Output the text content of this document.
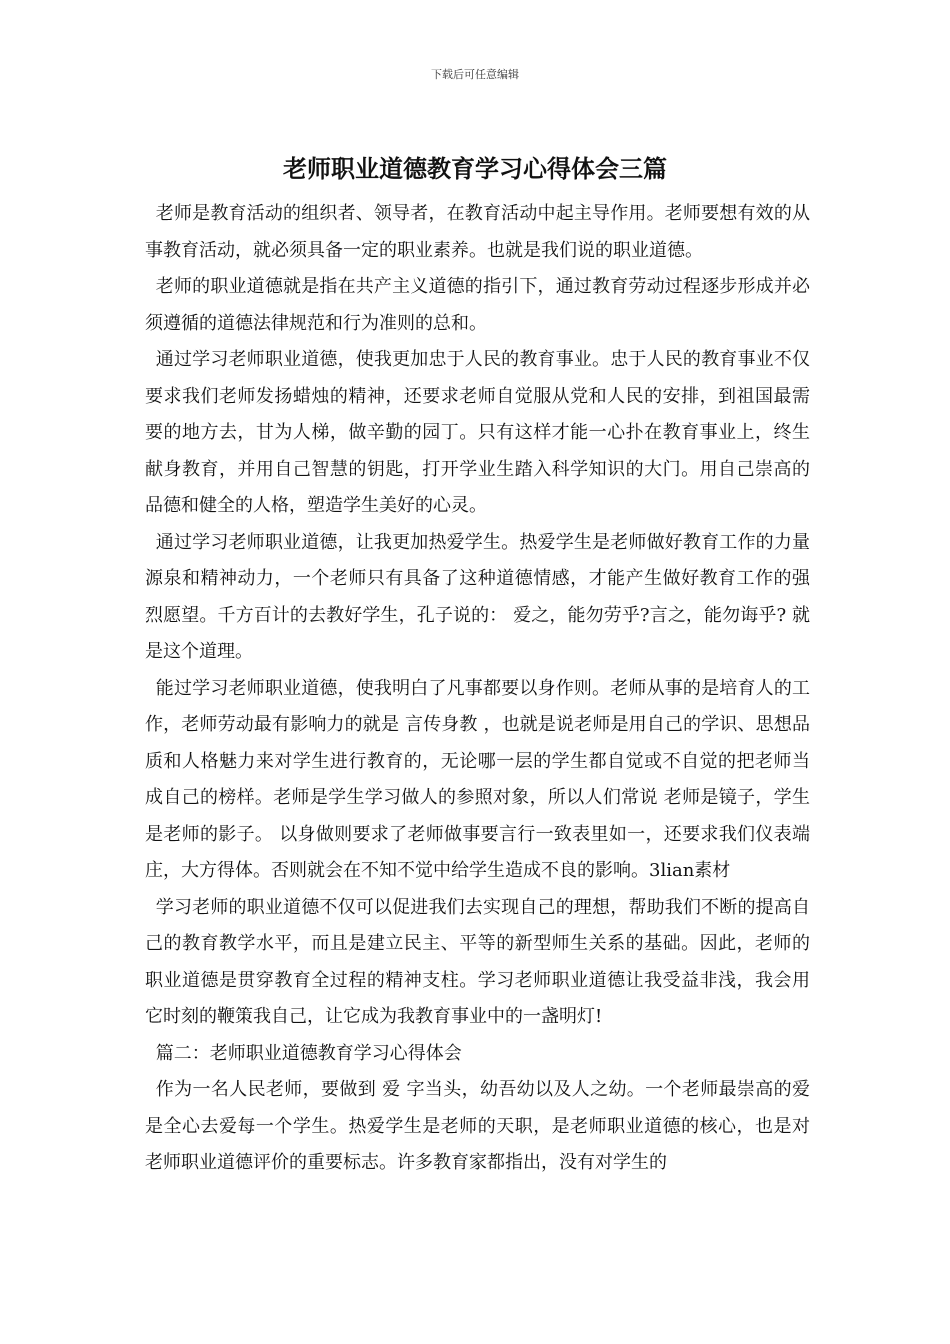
下载后可任意编辑
老师职业道德教育学习心得体会三篇

老师是教育活动的组织者、领导者，在教育活动中起主导作用。老师要想有效的从事教育活动，就必须具备一定的职业素养。也就是我们说的职业道德。

老师的职业道德就是指在共产主义道德的指引下，通过教育劳动过程逐步形成并必须遵循的道德法律规范和行为准则的总和。

通过学习老师职业道德，使我更加忠于人民的教育事业。忠于人民的教育事业不仅要求我们老师发扬蜡烛的精神，还要求老师自觉服从党和人民的安排，到祖国最需要的地方去，甘为人梯，做辛勤的园丁。只有这样才能一心扑在教育事业上，终生献身教育，并用自己智慧的钥匙，打开学业生踏入科学知识的大门。用自己崇高的品德和健全的人格，塑造学生美好的心灵。

通过学习老师职业道德，让我更加热爱学生。热爱学生是老师做好教育工作的力量源泉和精神动力，一个老师只有具备了这种道德情感，才能产生做好教育工作的强烈愿望。千方百计的去教好学生，孔子说的： 爱之，能勿劳乎?言之，能勿诲乎? 就是这个道理。

能过学习老师职业道德，使我明白了凡事都要以身作则。老师从事的是培育人的工作，老师劳动最有影响力的就是 言传身教 ，也就是说老师是用自己的学识、思想品质和人格魅力来对学生进行教育的，无论哪一层的学生都自觉或不自觉的把老师当成自己的榜样。老师是学生学习做人的参照对象，所以人们常说 老师是镜子，学生是老师的影子。 以身做则要求了老师做事要言行一致表里如一，还要求我们仪表端庄，大方得体。否则就会在不知不觉中给学生造成不良的影响。3lian素材

学习老师的职业道德不仅可以促进我们去实现自己的理想，帮助我们不断的提高自己的教育教学水平，而且是建立民主、平等的新型师生关系的基础。因此，老师的职业道德是贯穿教育全过程的精神支柱。学习老师职业道德让我受益非浅，我会用它时刻的鞭策我自己，让它成为我教育事业中的一盏明灯!

篇二：老师职业道德教育学习心得体会

作为一名人民老师，要做到 爱 字当头，幼吾幼以及人之幼。一个老师最崇高的爱是全心去爱每一个学生。热爱学生是老师的天职，是老师职业道德的核心，也是对老师职业道德评价的重要标志。许多教育家都指出，没有对学生的
